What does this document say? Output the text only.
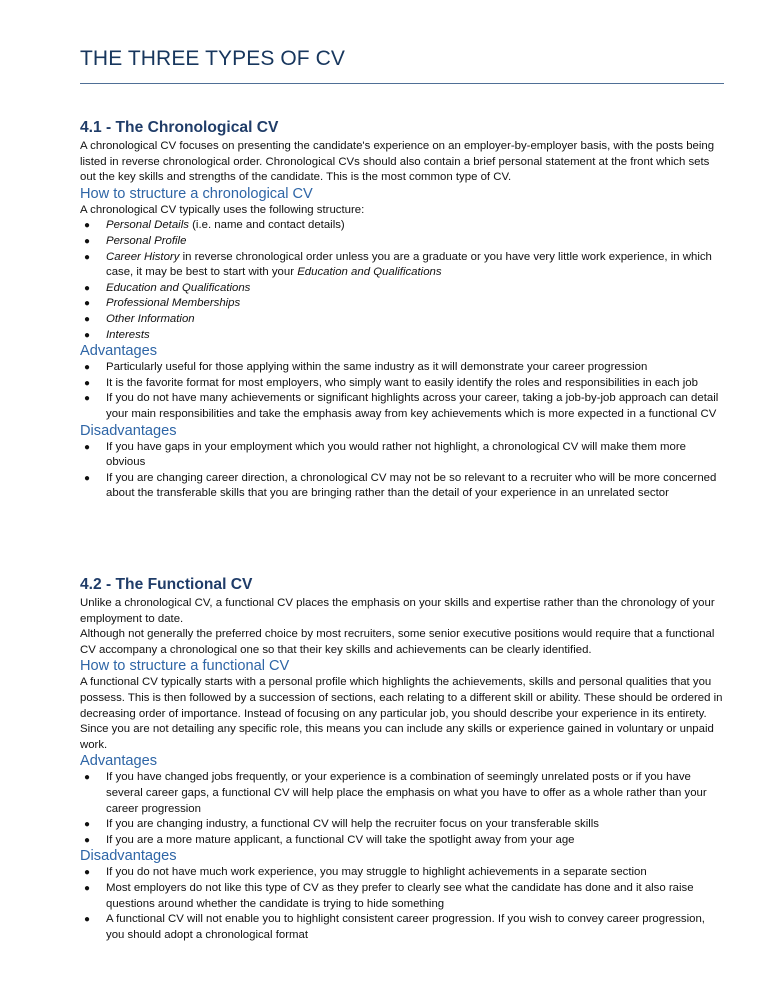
THE THREE TYPES OF CV
4.1 - The Chronological CV

A chronological CV focuses on presenting the candidate's experience on an employer-by-employer basis, with the posts being listed in reverse chronological order. Chronological CVs should also contain a brief personal statement at the front which sets out the key skills and strengths of the candidate. This is the most common type of CV.

How to structure a chronological CV

A chronological CV typically uses the following structure:

● Personal Details (i.e. name and contact details)
● Personal Profile
● Career History in reverse chronological order unless you are a graduate or you have very little work experience, in which case, it may be best to start with your Education and Qualifications
● Education and Qualifications
● Professional Memberships
● Other Information
● Interests
Advantages
● Particularly useful for those applying within the same industry as it will demonstrate your career progression
● It is the favorite format for most employers, who simply want to easily identify the roles and responsibilities in each job
● If you do not have many achievements or significant highlights across your career, taking a job-by-job approach can detail your main responsibilities and take the emphasis away from key achievements which is more expected in a functional CV
Disadvantages
● If you have gaps in your employment which you would rather not highlight, a chronological CV will make them more obvious
● If you are changing career direction, a chronological CV may not be so relevant to a recruiter who will be more concerned about the transferable skills that you are bringing rather than the detail of your experience in an unrelated sector
4.2 - The Functional CV

Unlike a chronological CV, a functional CV places the emphasis on your skills and expertise rather than the chronology of your employment to date.

Although not generally the preferred choice by most recruiters, some senior executive positions would require that a functional CV accompany a chronological one so that their key skills and achievements can be clearly identified.

How to structure a functional CV

A functional CV typically starts with a personal profile which highlights the achievements, skills and personal qualities that you possess. This is then followed by a succession of sections, each relating to a different skill or ability. These should be ordered in decreasing order of importance. Instead of focusing on any particular job, you should describe your experience in its entirety. Since you are not detailing any specific role, this means you can include any skills or experience gained in voluntary or unpaid work.

Advantages
● If you have changed jobs frequently, or your experience is a combination of seemingly unrelated posts or if you have several career gaps, a functional CV will help place the emphasis on what you have to offer as a whole rather than your career progression
● If you are changing industry, a functional CV will help the recruiter focus on your transferable skills
● If you are a more mature applicant, a functional CV will take the spotlight away from your age
Disadvantages
● If you do not have much work experience, you may struggle to highlight achievements in a separate section
● Most employers do not like this type of CV as they prefer to clearly see what the candidate has done and it also raise questions around whether the candidate is trying to hide something
● A functional CV will not enable you to highlight consistent career progression. If you wish to convey career progression, you should adopt a chronological format
